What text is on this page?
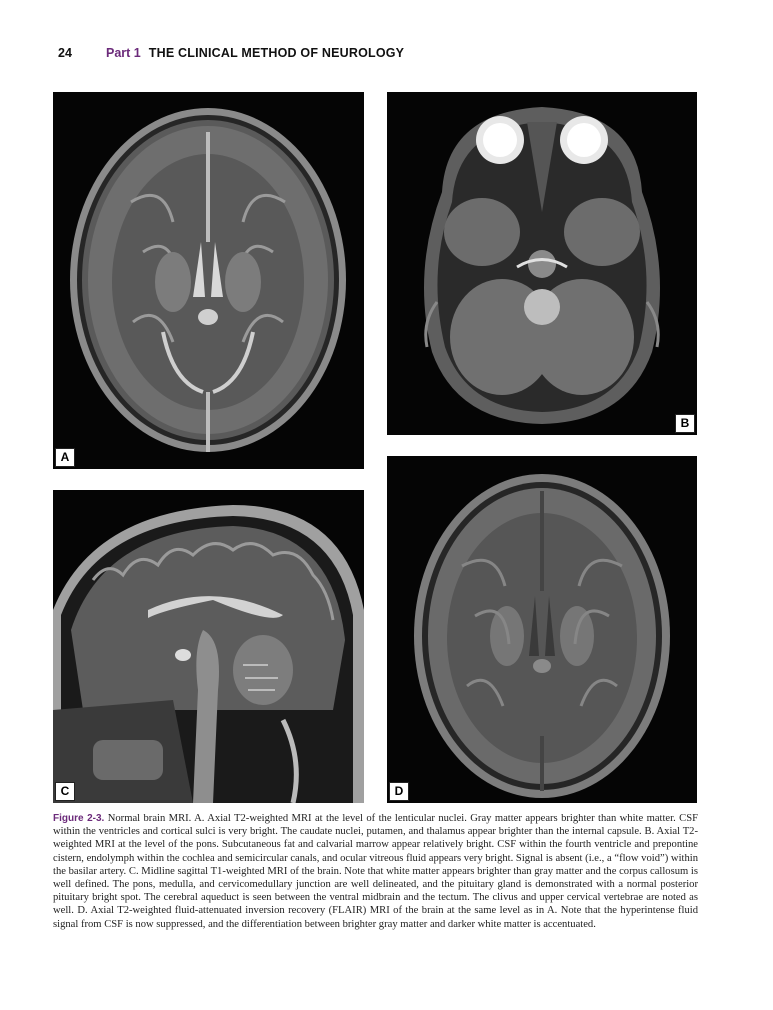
24	Part 1 THE CLINICAL METHOD OF NEUROLOGY
A
B
C	D
Figure 2-3. Normal brain MRI. A. Axial T2-weighted MRI at the level of the lenticular nuclei. Gray matter appears brighter than white matter. CSF within the ventricles and cortical sulci is very bright. The caudate nuclei, putamen, and thalamus appear brighter than the internal capsule. B. Axial T2-weighted MRI at the level of the pons. Subcutaneous fat and calvarial marrow appear relatively bright. CSF within the fourth ventricle and prepontine cistern, endolymph within the cochlea and semicircular canals, and ocular vitreous fluid appears very bright. Signal is absent (i.e., a “flow void”) within the basilar artery. C. Midline sagittal T1-weighted MRI of the brain. Note that white matter appears brighter than gray matter and the corpus callosum is well defined. The pons, medulla, and cervicomedullary junction are well delineated, and the pituitary gland is demonstrated with a normal posterior pituitary bright spot. The cerebral aqueduct is seen between the ventral midbrain and the tectum. The clivus and upper cervical vertebrae are noted as well. D. Axial T2-weighted fluid-attenuated inversion recovery (FLAIR) MRI of the brain at the same level as in A. Note that the hyperintense fluid signal from CSF is now suppressed, and the differentiation between brighter gray matter and darker white matter is accentuated.
